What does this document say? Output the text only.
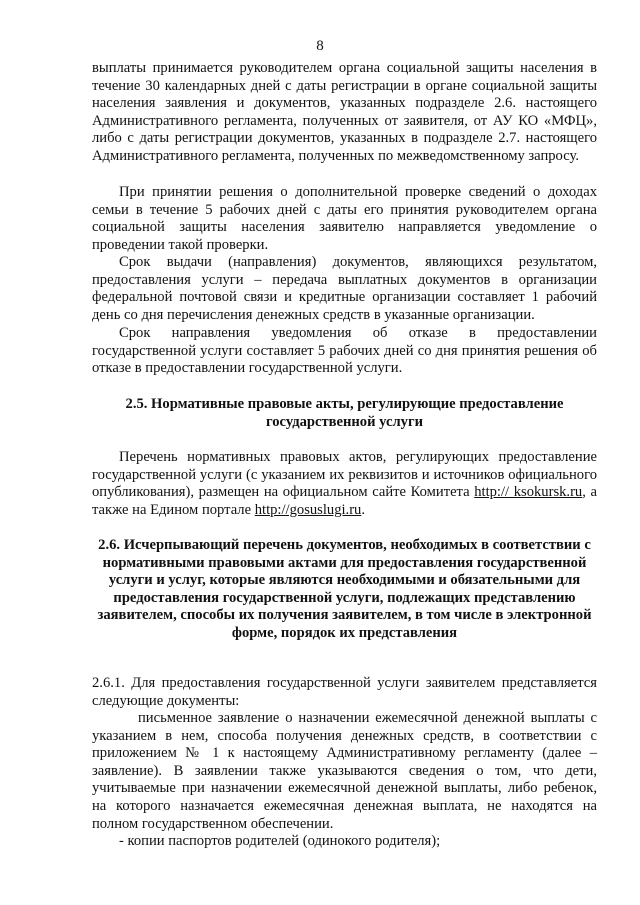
8

выплаты принимается руководителем органа социальной защиты населения в течение 30 календарных дней с даты регистрации в органе социальной защиты населения заявления и документов, указанных подразделе 2.6. настоящего Административного регламента, полученных от заявителя, от АУ КО «МФЦ», либо с даты регистрации документов, указанных в подразделе 2.7. настоящего Административного регламента, полученных по межведомственному запросу.

При принятии решения о дополнительной проверке сведений о доходах семьи в течение 5 рабочих дней с даты его принятия руководителем органа социальной защиты населения заявителю направляется уведомление о проведении такой проверки.

Срок выдачи (направления) документов, являющихся результатом, предоставления услуги – передача выплатных документов в организации федеральной почтовой связи и кредитные организации составляет 1 рабочий день со дня перечисления денежных средств в указанные организации.

Срок направления уведомления об отказе в предоставлении государственной услуги составляет 5 рабочих дней со дня принятия решения об отказе в предоставлении государственной услуги.

2.5. Нормативные правовые акты, регулирующие предоставление государственной услуги

Перечень нормативных правовых актов, регулирующих предоставление государственной услуги (с указанием их реквизитов и источников официального опубликования), размещен на официальном сайте Комитета http:// ksokursk.ru, а также на Едином портале http://gosuslugi.ru.

2.6. Исчерпывающий перечень документов, необходимых в соответствии с нормативными правовыми актами для предоставления государственной услуги и услуг, которые являются необходимыми и обязательными для предоставления государственной услуги, подлежащих представлению заявителем, способы их получения заявителем, в том числе в электронной форме, порядок их представления

2.6.1. Для предоставления государственной услуги заявителем представляется следующие документы:

письменное заявление о назначении ежемесячной денежной выплаты с указанием в нем, способа получения денежных средств, в соответствии с приложением № 1 к настоящему Административному регламенту (далее – заявление). В заявлении также указываются сведения о том, что дети, учитываемые при назначении ежемесячной денежной выплаты, либо ребенок, на которого назначается ежемесячная денежная выплата, не находятся на полном государственном обеспечении.

- копии паспортов родителей (одинокого родителя);
